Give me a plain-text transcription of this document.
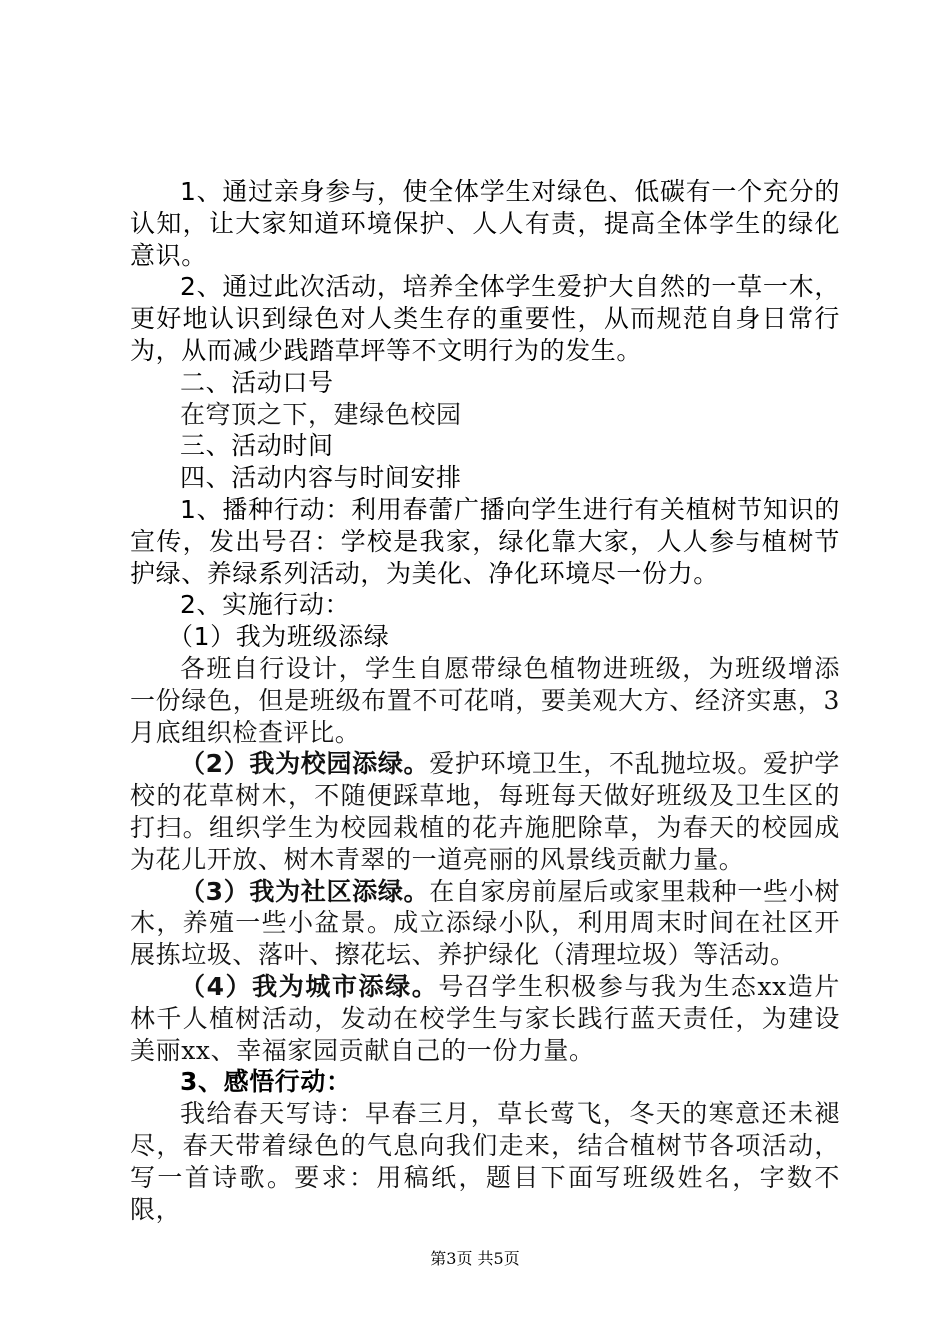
1、通过亲身参与，使全体学生对绿色、低碳有一个充分的认知，让大家知道环境保护、人人有责，提高全体学生的绿化意识。

2、通过此次活动，培养全体学生爱护大自然的一草一木，更好地认识到绿色对人类生存的重要性，从而规范自身日常行为，从而减少践踏草坪等不文明行为的发生。

二、活动口号

在穹顶之下，建绿色校园

三、活动时间

四、活动内容与时间安排

1、播种行动：利用春蕾广播向学生进行有关植树节知识的宣传，发出号召：学校是我家，绿化靠大家，人人参与植树节护绿、养绿系列活动，为美化、净化环境尽一份力。

2、实施行动：

（1）我为班级添绿

各班自行设计，学生自愿带绿色植物进班级，为班级增添一份绿色，但是班级布置不可花哨，要美观大方、经济实惠，3月底组织检查评比。

（2）我为校园添绿。爱护环境卫生，不乱抛垃圾。爱护学校的花草树木，不随便踩草地，每班每天做好班级及卫生区的打扫。组织学生为校园栽植的花卉施肥除草，为春天的校园成为花儿开放、树木青翠的一道亮丽的风景线贡献力量。

（3）我为社区添绿。在自家房前屋后或家里栽种一些小树木，养殖一些小盆景。成立添绿小队，利用周末时间在社区开展拣垃圾、落叶、擦花坛、养护绿化（清理垃圾）等活动。

（4）我为城市添绿。号召学生积极参与我为生态xx造片林千人植树活动，发动在校学生与家长践行蓝天责任，为建设美丽xx、幸福家园贡献自己的一份力量。

3、感悟行动：

我给春天写诗：早春三月，草长莺飞，冬天的寒意还未褪尽，春天带着绿色的气息向我们走来，结合植树节各项活动，写一首诗歌。要求：用稿纸，题目下面写班级姓名，字数不限，

第3页 共5页
